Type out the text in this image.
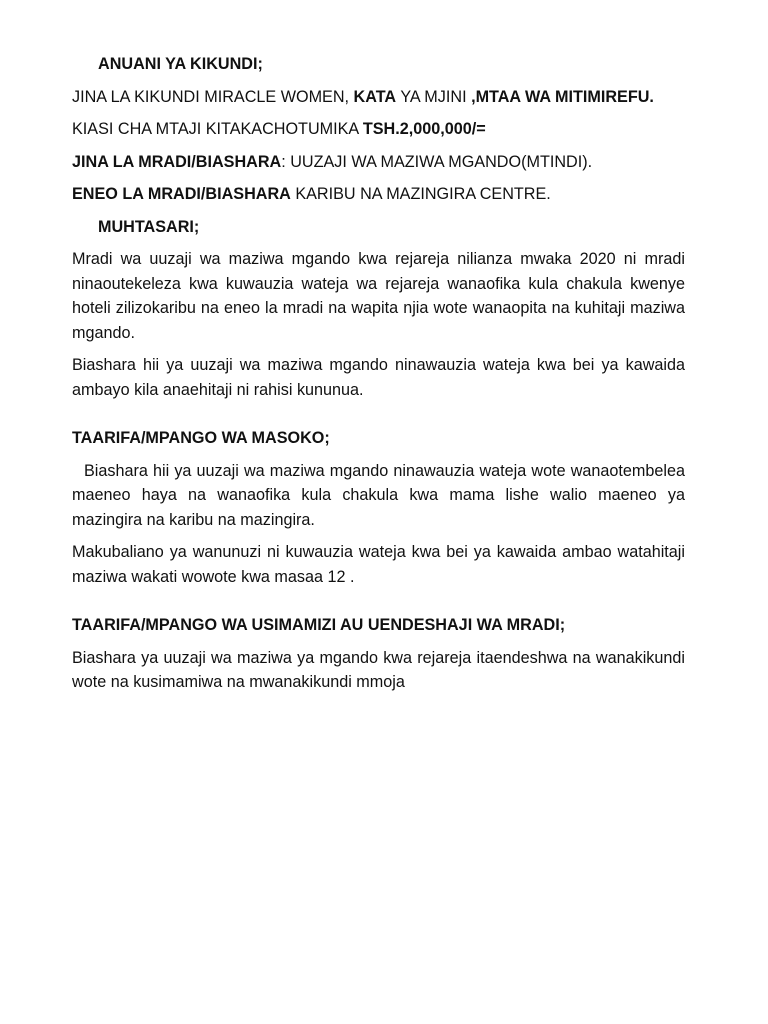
ANUANI YA KIKUNDI;

JINA LA KIKUNDI MIRACLE WOMEN, KATA YA MJINI ,MTAA WA MITIMIREFU.

KIASI CHA MTAJI KITAKACHOTUMIKA TSH.2,000,000/=

JINA LA MRADI/BIASHARA: UUZAJI WA MAZIWA MGANDO(MTINDI).

ENEO LA MRADI/BIASHARA KARIBU NA MAZINGIRA CENTRE.

MUHTASARI;

Mradi wa uuzaji wa maziwa mgando kwa rejareja nilianza mwaka 2020 ni mradi ninaoutekeleza kwa kuwauzia wateja wa rejareja wanaofika kula chakula kwenye hoteli zilizokaribu na eneo la mradi na wapita njia wote wanaopita na kuhitaji maziwa mgando.

Biashara hii ya uuzaji wa maziwa mgando ninawauzia wateja kwa bei ya kawaida ambayo kila anaehitaji ni rahisi kununua.

TAARIFA/MPANGO WA MASOKO;

Biashara hii ya uuzaji wa maziwa mgando ninawauzia wateja wote wanaotembelea maeneo haya na wanaofika kula chakula kwa mama lishe walio maeneo ya mazingira na karibu na mazingira.

Makubaliano ya wanunuzi ni kuwauzia wateja kwa bei ya kawaida ambao watahitaji maziwa wakati wowote kwa masaa 12 .

TAARIFA/MPANGO WA USIMAMIZI AU UENDESHAJI WA MRADI;

Biashara ya uuzaji wa maziwa ya mgando kwa rejareja itaendeshwa na wanakikundi wote na kusimamiwa na mwanakikundi mmoja
